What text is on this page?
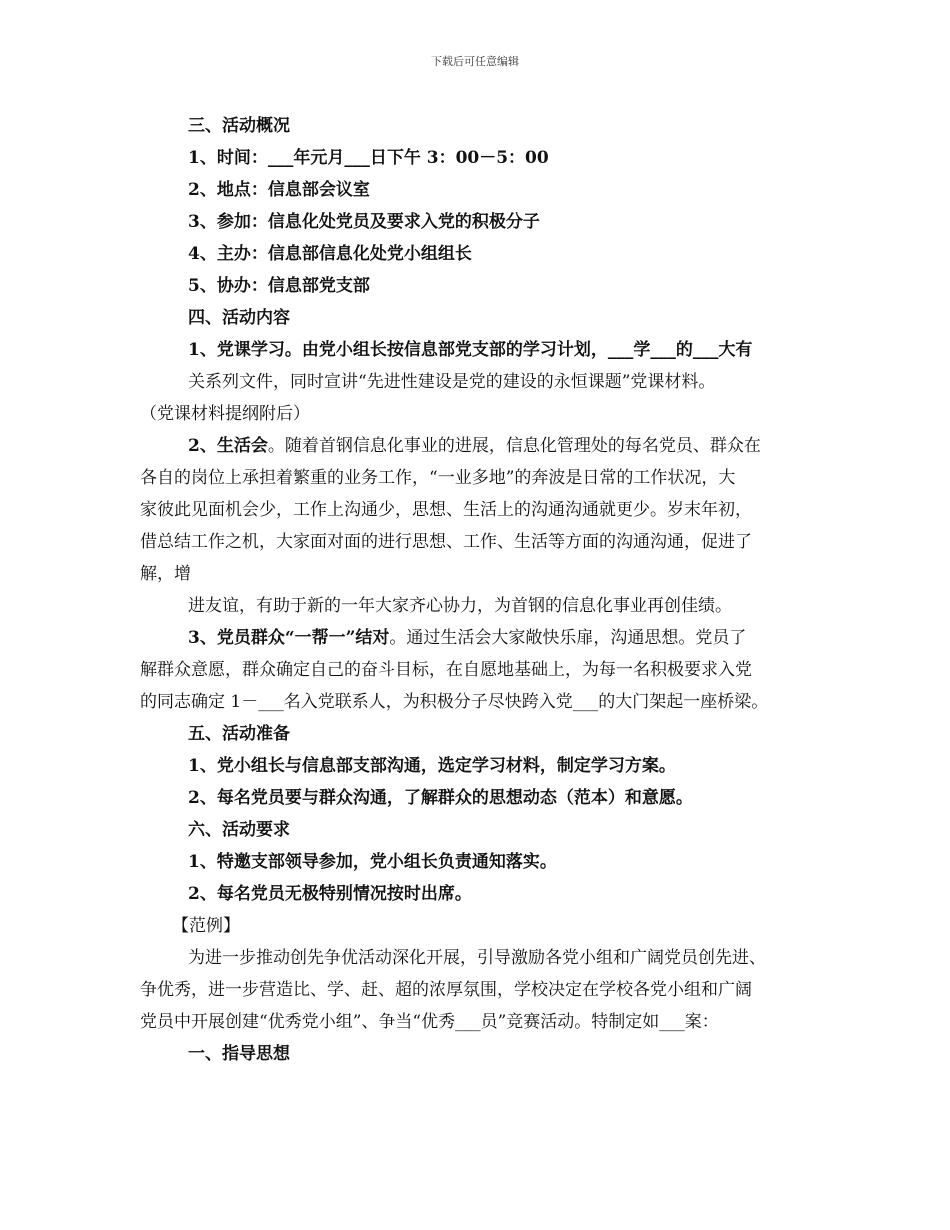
下载后可任意编辑
三、活动概况
1、时间：___年元月___日下午 3：00－5：00
2、地点：信息部会议室
3、参加：信息化处党员及要求入党的积极分子
4、主办：信息部信息化处党小组组长
5、协办：信息部党支部
四、活动内容
1、党课学习。由党小组长按信息部党支部的学习计划，___学___的___大有
关系列文件，同时宣讲“先进性建设是党的建设的永恒课题”党课材料。
（党课材料提纲附后）
2、生活会。随着首钢信息化事业的进展，信息化管理处的每名党员、群众在
各自的岗位上承担着繁重的业务工作，“一业多地”的奔波是日常的工作状况，大
家彼此见面机会少，工作上沟通少，思想、生活上的沟通沟通就更少。岁末年初，
借总结工作之机，大家面对面的进行思想、工作、生活等方面的沟通沟通，促进了
解，增
进友谊，有助于新的一年大家齐心协力，为首钢的信息化事业再创佳绩。
3、党员群众“一帮一”结对。通过生活会大家敞快乐扉，沟通思想。党员了
解群众意愿，群众确定自己的奋斗目标，在自愿地基础上，为每一名积极要求入党
的同志确定 1－___名入党联系人，为积极分子尽快跨入党___的大门架起一座桥梁。
五、活动准备
1、党小组长与信息部支部沟通，选定学习材料，制定学习方案。
2、每名党员要与群众沟通，了解群众的思想动态（范本）和意愿。
六、活动要求
1、特邀支部领导参加，党小组长负责通知落实。
2、每名党员无极特别情况按时出席。
【范例】
为进一步推动创先争优活动深化开展，引导激励各党小组和广阔党员创先进、
争优秀，进一步营造比、学、赶、超的浓厚氛围，学校决定在学校各党小组和广阔
党员中开展创建“优秀党小组”、争当“优秀___员”竞赛活动。特制定如___案：
一、指导思想
